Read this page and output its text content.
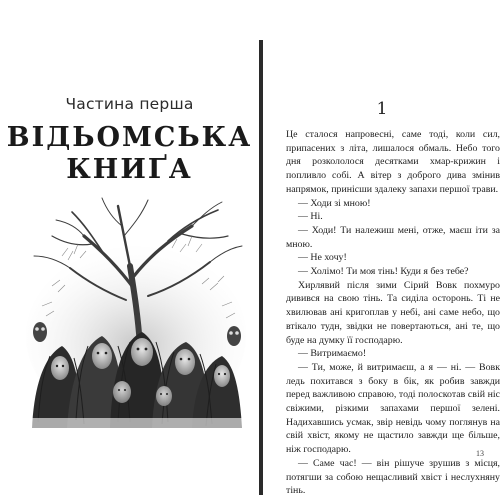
Частина перша
ВІДЬОМСЬКА
КНИҐА
1

Це сталося напровесні, саме тоді, коли сил, припасених з літа, лишалося обмаль. Небо того дня розкололося десятками хмар-крижин і попливло собі. А вітер з доброго дива змінив напрямок, принісши здалеку запахи першої трави.

— Ходи зі мною!

— Ні.

— Ходи! Ти належиш мені, отже, маєш іти за мною.

— Не хочу!

— Холімо! Ти моя тінь! Куди я без тебе?

Хирлявий після зими Сірий Вовк похмуро дивився на свою тінь. Та сиділа осторонь. Ті не хвилював ані кригоплав у небі, ані саме небо, що втікало тудн, звідки не повертаються, ані те, що буде на думку її господарю.

— Витримаємо!

— Ти, може, й витримаєш, а я — ні. — Вовк ледь похитався з боку в бік, як робив завжди перед важливою справою, тоді полоскотав свій ніс свіжими, різкими запахами першої зелені. Надихавшись усмак, звір невідь чому поглянув на свій хвіст, якому не щастило завжди ще більше, ніж господарю.

— Саме час! — він рішуче зрушив з місця, потягши за собою нещасливий хвіст і неслухняну тінь.

13
